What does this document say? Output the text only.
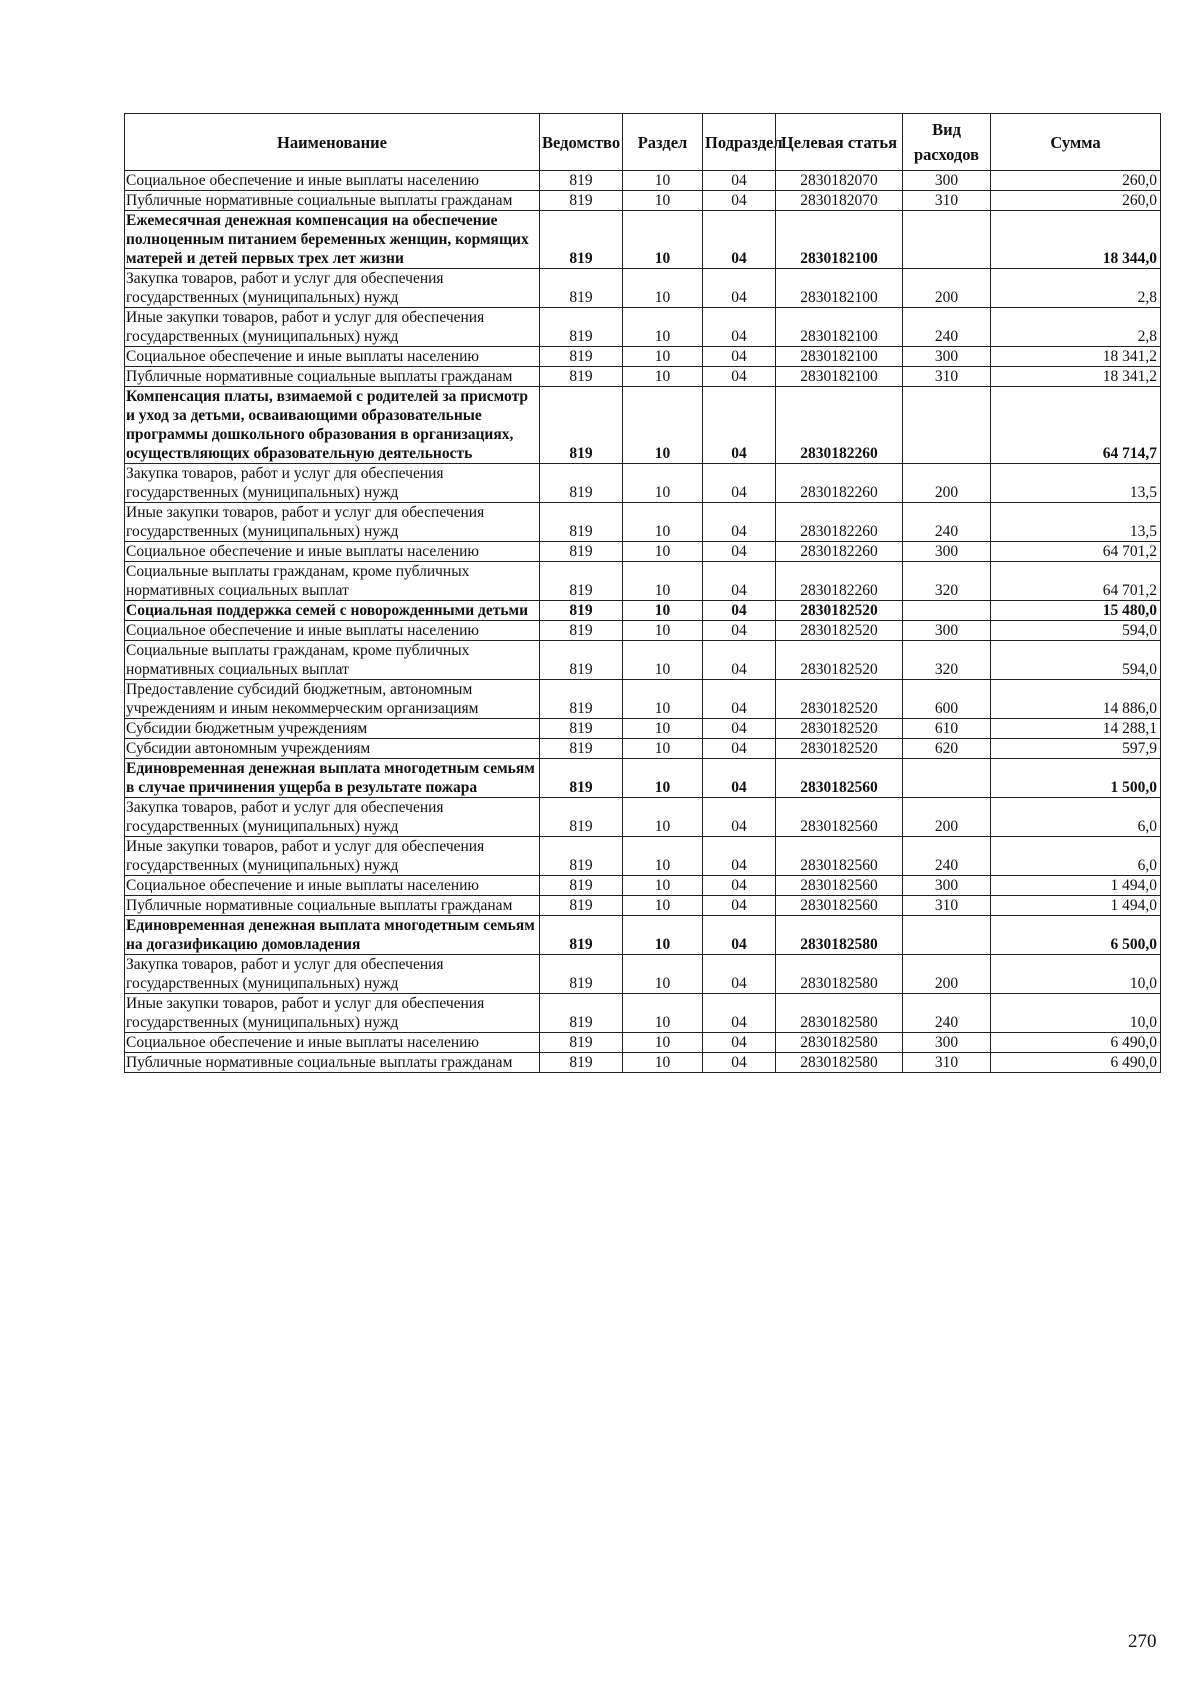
Наименование	Ведомство	Раздел	Подраздел	Целевая статья	Вид расходов	Сумма
Социальное обеспечение и иные выплаты населению	819	10	04	2830182070	300	260,0
Публичные нормативные социальные выплаты гражданам	819	10	04	2830182070	310	260,0
Ежемесячная денежная компенсация на обеспечение полноценным питанием беременных женщин, кормящих матерей и детей первых трех лет жизни	819	10	04	2830182100		18 344,0
Закупка товаров, работ и услуг для обеспечения государственных (муниципальных) нужд	819	10	04	2830182100	200	2,8
Иные закупки товаров, работ и услуг для обеспечения государственных (муниципальных) нужд	819	10	04	2830182100	240	2,8
Социальное обеспечение и иные выплаты населению	819	10	04	2830182100	300	18 341,2
Публичные нормативные социальные выплаты гражданам	819	10	04	2830182100	310	18 341,2
Компенсация платы, взимаемой с родителей за присмотр и уход за детьми, осваивающими образовательные программы дошкольного образования в организациях, осуществляющих образовательную деятельность	819	10	04	2830182260		64 714,7
Закупка товаров, работ и услуг для обеспечения государственных (муниципальных) нужд	819	10	04	2830182260	200	13,5
Иные закупки товаров, работ и услуг для обеспечения государственных (муниципальных) нужд	819	10	04	2830182260	240	13,5
Социальное обеспечение и иные выплаты населению	819	10	04	2830182260	300	64 701,2
Социальные выплаты гражданам, кроме публичных нормативных социальных выплат	819	10	04	2830182260	320	64 701,2
Социальная поддержка семей с новорожденными детьми	819	10	04	2830182520		15 480,0
Социальное обеспечение и иные выплаты населению	819	10	04	2830182520	300	594,0
Социальные выплаты гражданам, кроме публичных нормативных социальных выплат	819	10	04	2830182520	320	594,0
Предоставление субсидий бюджетным, автономным учреждениям и иным некоммерческим организациям	819	10	04	2830182520	600	14 886,0
Субсидии бюджетным учреждениям	819	10	04	2830182520	610	14 288,1
Субсидии автономным учреждениям	819	10	04	2830182520	620	597,9
Единовременная денежная выплата многодетным семьям в случае причинения ущерба в результате пожара	819	10	04	2830182560		1 500,0
Закупка товаров, работ и услуг для обеспечения государственных (муниципальных) нужд	819	10	04	2830182560	200	6,0
Иные закупки товаров, работ и услуг для обеспечения государственных (муниципальных) нужд	819	10	04	2830182560	240	6,0
Социальное обеспечение и иные выплаты населению	819	10	04	2830182560	300	1 494,0
Публичные нормативные социальные выплаты гражданам	819	10	04	2830182560	310	1 494,0
Единовременная денежная выплата многодетным семьям на догазификацию домовладения	819	10	04	2830182580		6 500,0
Закупка товаров, работ и услуг для обеспечения государственных (муниципальных) нужд	819	10	04	2830182580	200	10,0
Иные закупки товаров, работ и услуг для обеспечения государственных (муниципальных) нужд	819	10	04	2830182580	240	10,0
Социальное обеспечение и иные выплаты населению	819	10	04	2830182580	300	6 490,0
Публичные нормативные социальные выплаты гражданам	819	10	04	2830182580	310	6 490,0
270
